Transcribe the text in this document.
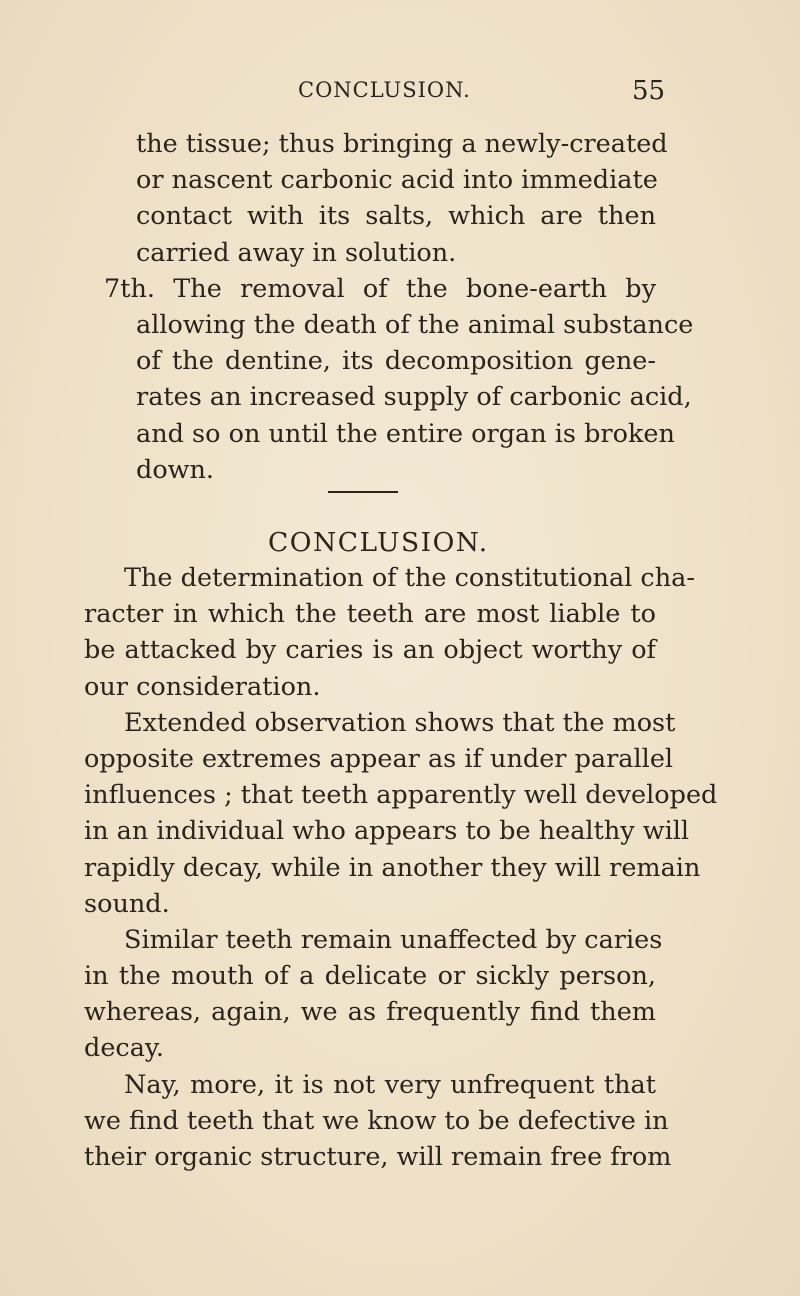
CONCLUSION.	55
the tissue; thus bringing a newly-created
or nascent carbonic acid into immediate
contact with its salts, which are then
carried away in solution.
7th. The removal of the bone-earth by
allowing the death of the animal substance
of the dentine, its decomposition gene-
rates an increased supply of carbonic acid,
and so on until the entire organ is broken
down.
CONCLUSION.
The determination of the constitutional cha-
racter in which the teeth are most liable to
be attacked by caries is an object worthy of
our consideration.
Extended observation shows that the most
opposite extremes appear as if under parallel
influences ; that teeth apparently well developed
in an individual who appears to be healthy will
rapidly decay, while in another they will remain
sound.
Similar teeth remain unaffected by caries
in the mouth of a delicate or sickly person,
whereas, again, we as frequently find them
decay.
Nay, more, it is not very unfrequent that
we find teeth that we know to be defective in
their organic structure, will remain free from
